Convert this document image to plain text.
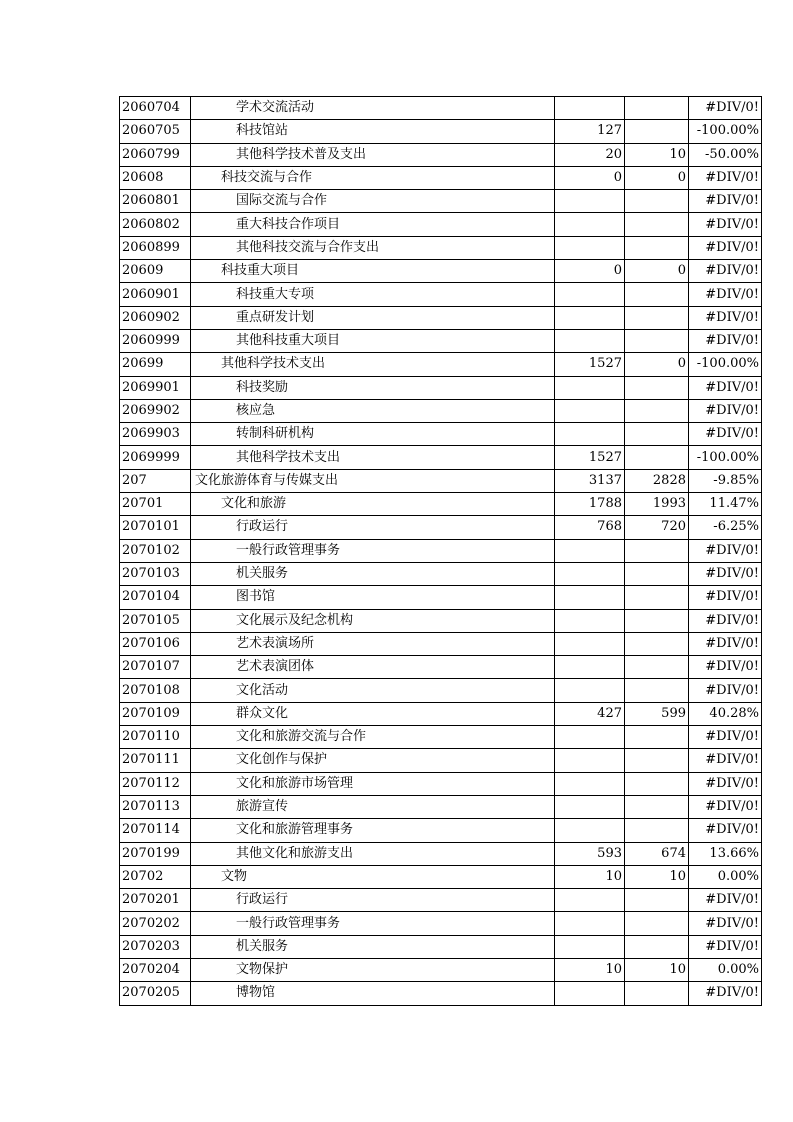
2060704	学术交流活动			#DIV/0!
2060705	科技馆站	127		-100.00%
2060799	其他科学技术普及支出	20	10	-50.00%
20608	科技交流与合作	0	0	#DIV/0!
2060801	国际交流与合作			#DIV/0!
2060802	重大科技合作项目			#DIV/0!
2060899	其他科技交流与合作支出			#DIV/0!
20609	科技重大项目	0	0	#DIV/0!
2060901	科技重大专项			#DIV/0!
2060902	重点研发计划			#DIV/0!
2060999	其他科技重大项目			#DIV/0!
20699	其他科学技术支出	1527	0	-100.00%
2069901	科技奖励			#DIV/0!
2069902	核应急			#DIV/0!
2069903	转制科研机构			#DIV/0!
2069999	其他科学技术支出	1527		-100.00%
207	文化旅游体育与传媒支出	3137	2828	-9.85%
20701	文化和旅游	1788	1993	11.47%
2070101	行政运行	768	720	-6.25%
2070102	一般行政管理事务			#DIV/0!
2070103	机关服务			#DIV/0!
2070104	图书馆			#DIV/0!
2070105	文化展示及纪念机构			#DIV/0!
2070106	艺术表演场所			#DIV/0!
2070107	艺术表演团体			#DIV/0!
2070108	文化活动			#DIV/0!
2070109	群众文化	427	599	40.28%
2070110	文化和旅游交流与合作			#DIV/0!
2070111	文化创作与保护			#DIV/0!
2070112	文化和旅游市场管理			#DIV/0!
2070113	旅游宣传			#DIV/0!
2070114	文化和旅游管理事务			#DIV/0!
2070199	其他文化和旅游支出	593	674	13.66%
20702	文物	10	10	0.00%
2070201	行政运行			#DIV/0!
2070202	一般行政管理事务			#DIV/0!
2070203	机关服务			#DIV/0!
2070204	文物保护	10	10	0.00%
2070205	博物馆			#DIV/0!
